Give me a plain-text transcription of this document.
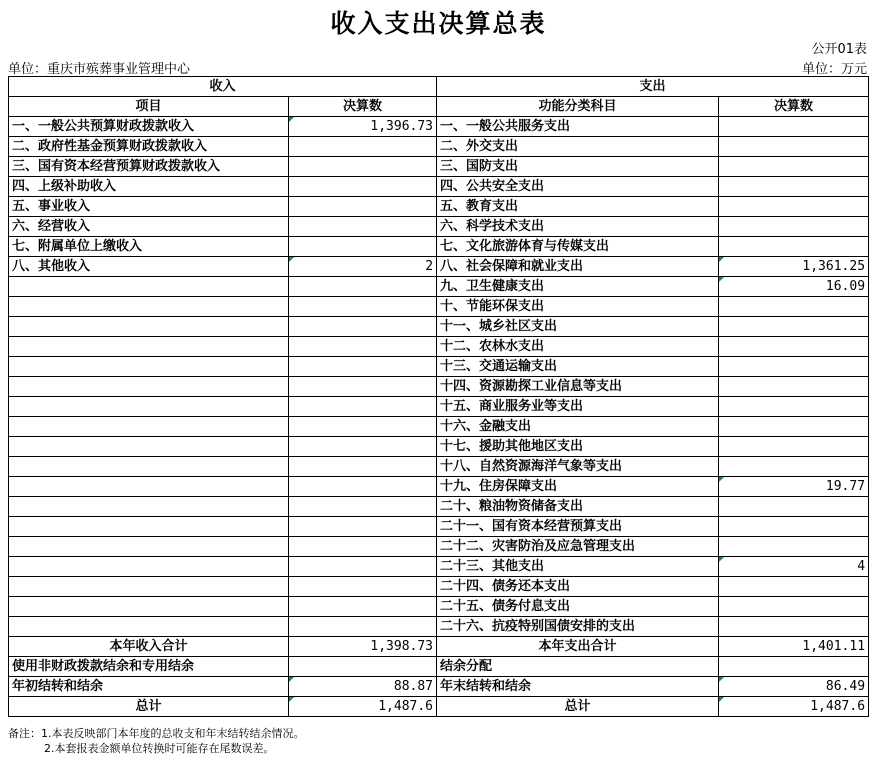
收入支出决算总表
公开01表
单位：重庆市殡葬事业管理中心	单位：万元
收入		支出	
项目	决算数	功能分类科目	决算数
一、一般公共预算财政拨款收入	1,396.73	一、一般公共服务支出	
二、政府性基金预算财政拨款收入		二、外交支出	
三、国有资本经营预算财政拨款收入		三、国防支出	
四、上级补助收入		四、公共安全支出	
五、事业收入		五、教育支出	
六、经营收入		六、科学技术支出	
七、附属单位上缴收入		七、文化旅游体育与传媒支出	
八、其他收入	2	八、社会保障和就业支出	1,361.25
		九、卫生健康支出	16.09
		十、节能环保支出	
		十一、城乡社区支出	
		十二、农林水支出	
		十三、交通运输支出	
		十四、资源勘探工业信息等支出	
		十五、商业服务业等支出	
		十六、金融支出	
		十七、援助其他地区支出	
		十八、自然资源海洋气象等支出	
		十九、住房保障支出	19.77
		二十、粮油物资储备支出	
		二十一、国有资本经营预算支出	
		二十二、灾害防治及应急管理支出	
		二十三、其他支出	4
		二十四、债务还本支出	
		二十五、债务付息支出	
		二十六、抗疫特别国债安排的支出	
本年收入合计	1,398.73	本年支出合计	1,401.11
使用非财政拨款结余和专用结余		结余分配	
年初结转和结余	88.87	年末结转和结余	86.49
总计	1,487.6	总计	1,487.6
备注：1.本表反映部门本年度的总收支和年末结转结余情况。
2.本套报表金额单位转换时可能存在尾数误差。
